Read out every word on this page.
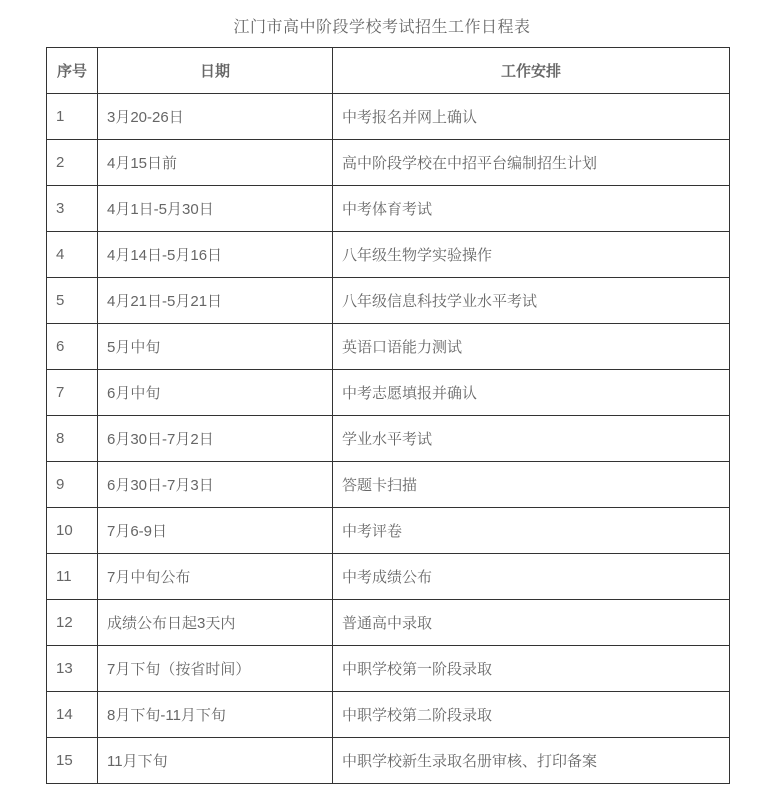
江门市高中阶段学校考试招生工作日程表
序号	日期	工作安排
1	3月20-26日	中考报名并网上确认
2	4月15日前	高中阶段学校在中招平台编制招生计划
3	4月1日-5月30日	中考体育考试
4	4月14日-5月16日	八年级生物学实验操作
5	4月21日-5月21日	八年级信息科技学业水平考试
6	5月中旬	英语口语能力测试
7	6月中旬	中考志愿填报并确认
8	6月30日-7月2日	学业水平考试
9	6月30日-7月3日	答题卡扫描
10	7月6-9日	中考评卷
11	7月中旬公布	中考成绩公布
12	成绩公布日起3天内	普通高中录取
13	7月下旬（按省时间）	中职学校第一阶段录取
14	8月下旬-11月下旬	中职学校第二阶段录取
15	11月下旬	中职学校新生录取名册审核、打印备案
